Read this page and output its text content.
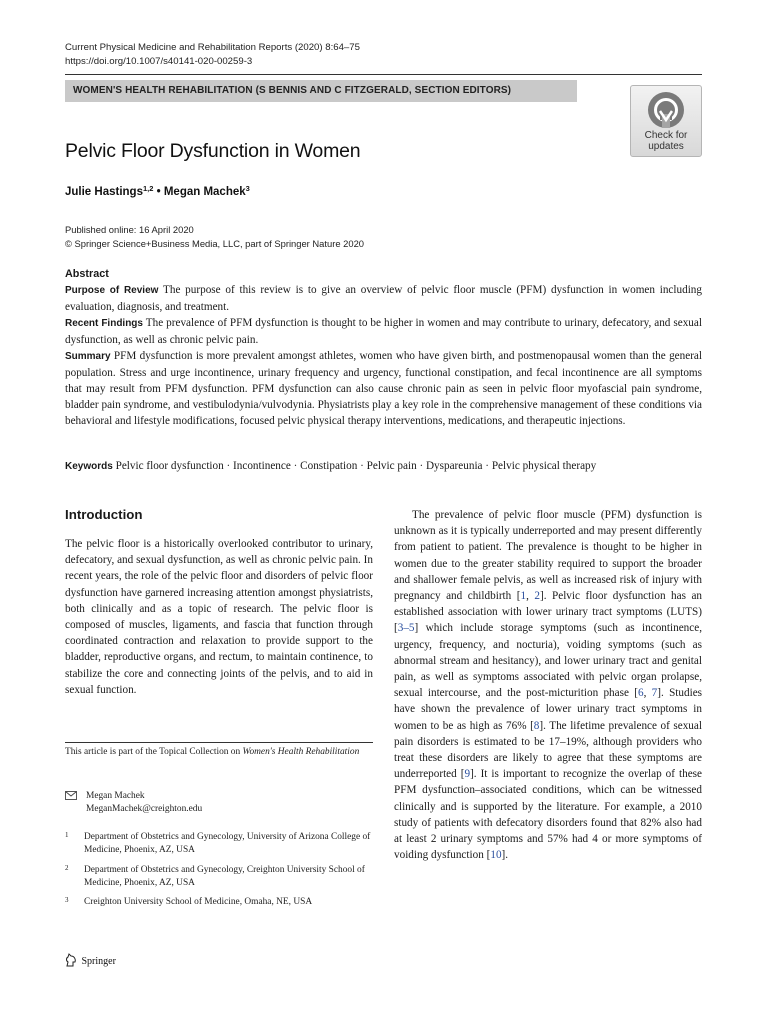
Current Physical Medicine and Rehabilitation Reports (2020) 8:64–75
https://doi.org/10.1007/s40141-020-00259-3
WOMEN'S HEALTH REHABILITATION (S BENNIS AND C FITZGERALD, SECTION EDITORS)
Check for
updates
Pelvic Floor Dysfunction in Women
Julie Hastings$^{1,2}$ • Megan Machek$^3$
Published online: 16 April 2020
© Springer Science+Business Media, LLC, part of Springer Nature 2020
Abstract

Purpose of Review The purpose of this review is to give an overview of pelvic floor muscle (PFM) dysfunction in women including evaluation, diagnosis, and treatment.

Recent Findings The prevalence of PFM dysfunction is thought to be higher in women and may contribute to urinary, defecatory, and sexual dysfunction, as well as chronic pelvic pain.

Summary PFM dysfunction is more prevalent amongst athletes, women who have given birth, and postmenopausal women than the general population. Stress and urge incontinence, urinary frequency and urgency, functional constipation, and fecal incontinence are all symptoms that may result from PFM dysfunction. PFM dysfunction can also cause chronic pain as seen in pelvic floor myofascial pain syndrome, bladder pain syndrome, and vestibulodynia/vulvodynia. Physiatrists play a key role in the comprehensive management of these conditions via behavioral and lifestyle modifications, focused pelvic physical therapy interventions, medications, and therapeutic injections.

Keywords Pelvic floor dysfunction · Incontinence · Constipation · Pelvic pain · Dyspareunia · Pelvic physical therapy
Introduction

The pelvic floor is a historically overlooked contributor to urinary, defecatory, and sexual dysfunction, as well as chronic pelvic pain. In recent years, the role of the pelvic floor and disorders of pelvic floor dysfunction have garnered increasing attention amongst physiatrists, both clinically and as a topic of research. The pelvic floor is composed of muscles, ligaments, and fascia that function through coordinated contraction and relaxation to provide support to the bladder, reproductive organs, and rectum, to maintain continence, to stabilize the core and connecting joints of the pelvis, and to aid in sexual function.

This article is part of the Topical Collection on Women's Health Rehabilitation
Megan Machek
MeganMachek@creighton.edu
1 Department of Obstetrics and Gynecology, University of Arizona College of Medicine, Phoenix, AZ, USA
2 Department of Obstetrics and Gynecology, Creighton University School of Medicine, Phoenix, AZ, USA
3 Creighton University School of Medicine, Omaha, NE, USA
Springer
The prevalence of pelvic floor muscle (PFM) dysfunction is unknown as it is typically underreported and may present differently from patient to patient. The prevalence is thought to be higher in women due to the greater stability required to support the broader and shallower female pelvis, as well as increased risk of injury with pregnancy and childbirth [1, 2]. Pelvic floor dysfunction has an established association with lower urinary tract symptoms (LUTS) [3–5] which include storage symptoms (such as incontinence, urgency, frequency, and nocturia), voiding symptoms (such as abnormal stream and hesitancy), and lower urinary tract and genital pain, as well as symptoms associated with pelvic organ prolapse, sexual intercourse, and the post-micturition phase [6, 7]. Studies have shown the prevalence of lower urinary tract symptoms in women to be as high as 76% [8]. The lifetime prevalence of sexual pain disorders is estimated to be 17–19%, although providers who treat these disorders are likely to agree that these symptoms are underreported [9]. It is important to recognize the overlap of these PFM dysfunction–associated conditions, which can be witnessed clinically and is supported by the literature. For example, a 2010 study of patients with defecatory disorders found that 82% also had at least 2 urinary symptoms and 57% had 4 or more symptoms of voiding dysfunction [10].
